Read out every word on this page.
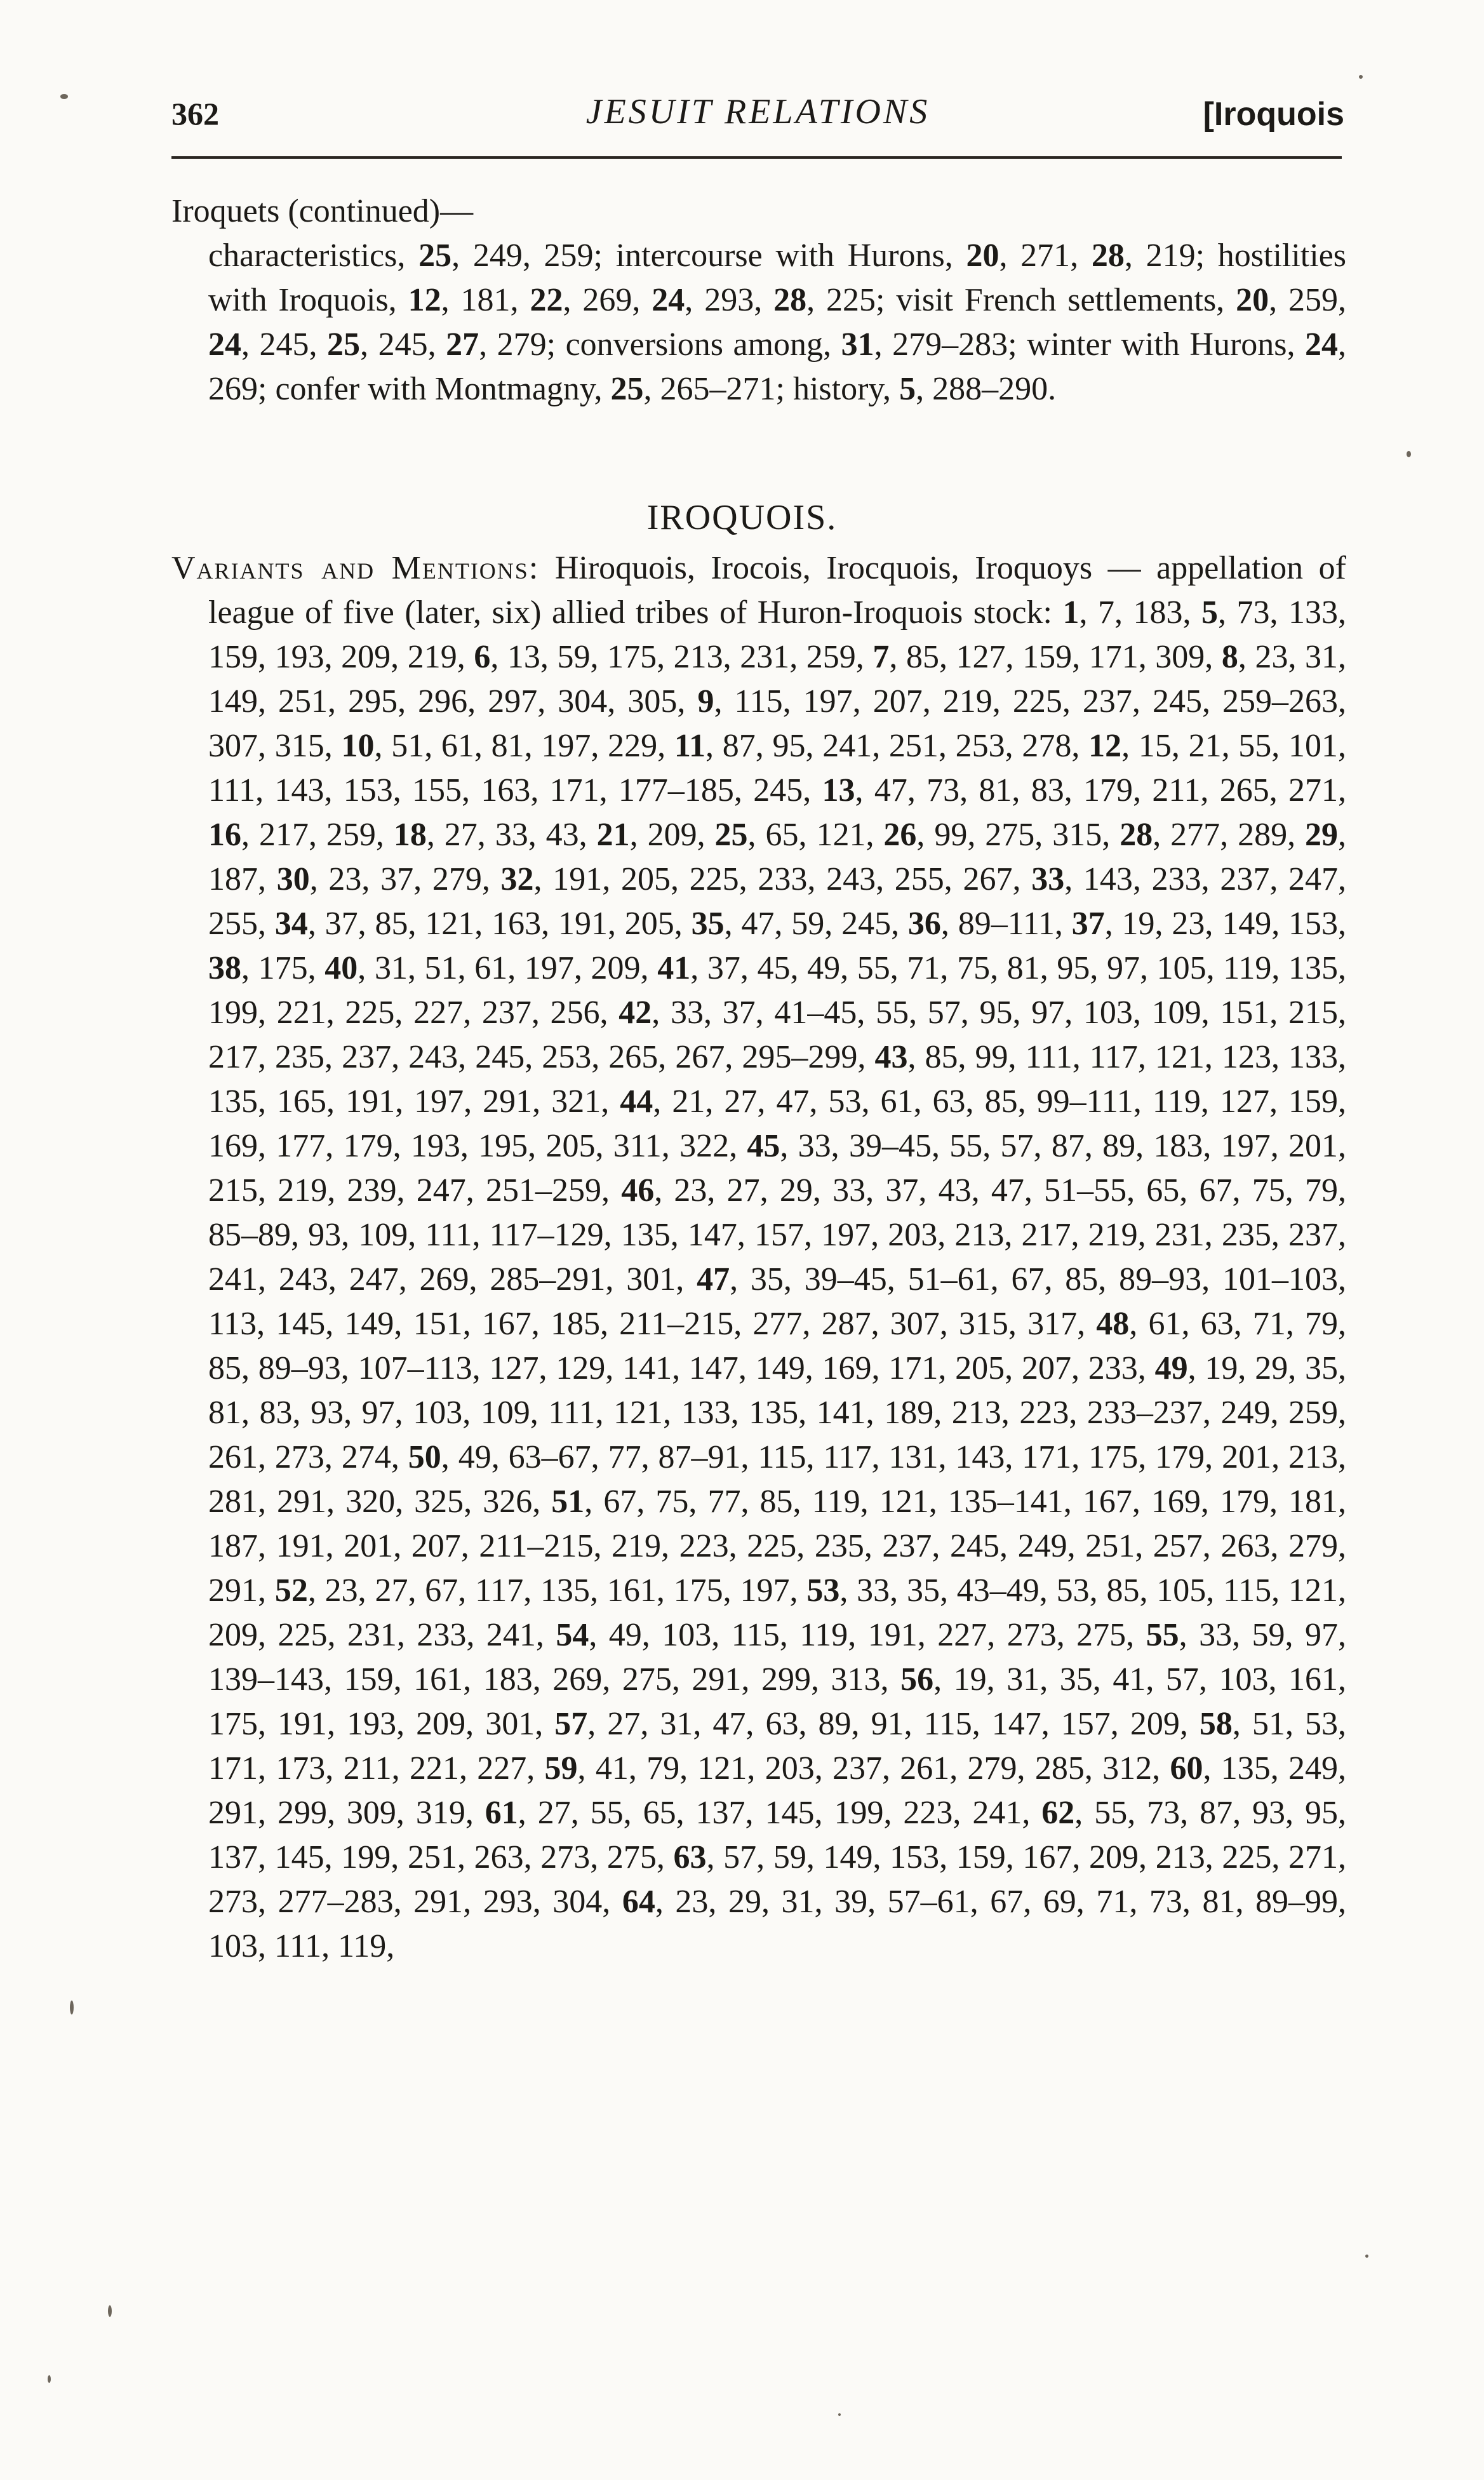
362	JESUIT RELATIONS	[Iroquois
Iroquets (continued)—
characteristics, 25, 249, 259; intercourse with Hurons, 20, 271, 28, 219; hostilities with Iroquois, 12, 181, 22, 269, 24, 293, 28, 225; visit French settlements, 20, 259, 24, 245, 25, 245, 27, 279; conversions among, 31, 279–283; winter with Hurons, 24, 269; confer with Montmagny, 25, 265–271; history, 5, 288–290.
IROQUOIS.

Variants and Mentions: Hiroquois, Irocois, Irocquois, Iroquoys — appellation of league of five (later, six) allied tribes of Huron-Iroquois stock: 1, 7, 183, 5, 73, 133, 159, 193, 209, 219, 6, 13, 59, 175, 213, 231, 259, 7, 85, 127, 159, 171, 309, 8, 23, 31, 149, 251, 295, 296, 297, 304, 305, 9, 115, 197, 207, 219, 225, 237, 245, 259–263, 307, 315, 10, 51, 61, 81, 197, 229, 11, 87, 95, 241, 251, 253, 278, 12, 15, 21, 55, 101, 111, 143, 153, 155, 163, 171, 177–185, 245, 13, 47, 73, 81, 83, 179, 211, 265, 271, 16, 217, 259, 18, 27, 33, 43, 21, 209, 25, 65, 121, 26, 99, 275, 315, 28, 277, 289, 29, 187, 30, 23, 37, 279, 32, 191, 205, 225, 233, 243, 255, 267, 33, 143, 233, 237, 247, 255, 34, 37, 85, 121, 163, 191, 205, 35, 47, 59, 245, 36, 89–111, 37, 19, 23, 149, 153, 38, 175, 40, 31, 51, 61, 197, 209, 41, 37, 45, 49, 55, 71, 75, 81, 95, 97, 105, 119, 135, 199, 221, 225, 227, 237, 256, 42, 33, 37, 41–45, 55, 57, 95, 97, 103, 109, 151, 215, 217, 235, 237, 243, 245, 253, 265, 267, 295–299, 43, 85, 99, 111, 117, 121, 123, 133, 135, 165, 191, 197, 291, 321, 44, 21, 27, 47, 53, 61, 63, 85, 99–111, 119, 127, 159, 169, 177, 179, 193, 195, 205, 311, 322, 45, 33, 39–45, 55, 57, 87, 89, 183, 197, 201, 215, 219, 239, 247, 251–259, 46, 23, 27, 29, 33, 37, 43, 47, 51–55, 65, 67, 75, 79, 85–89, 93, 109, 111, 117–129, 135, 147, 157, 197, 203, 213, 217, 219, 231, 235, 237, 241, 243, 247, 269, 285–291, 301, 47, 35, 39–45, 51–61, 67, 85, 89–93, 101–103, 113, 145, 149, 151, 167, 185, 211–215, 277, 287, 307, 315, 317, 48, 61, 63, 71, 79, 85, 89–93, 107–113, 127, 129, 141, 147, 149, 169, 171, 205, 207, 233, 49, 19, 29, 35, 81, 83, 93, 97, 103, 109, 111, 121, 133, 135, 141, 189, 213, 223, 233–237, 249, 259, 261, 273, 274, 50, 49, 63–67, 77, 87–91, 115, 117, 131, 143, 171, 175, 179, 201, 213, 281, 291, 320, 325, 326, 51, 67, 75, 77, 85, 119, 121, 135–141, 167, 169, 179, 181, 187, 191, 201, 207, 211–215, 219, 223, 225, 235, 237, 245, 249, 251, 257, 263, 279, 291, 52, 23, 27, 67, 117, 135, 161, 175, 197, 53, 33, 35, 43–49, 53, 85, 105, 115, 121, 209, 225, 231, 233, 241, 54, 49, 103, 115, 119, 191, 227, 273, 275, 55, 33, 59, 97, 139–143, 159, 161, 183, 269, 275, 291, 299, 313, 56, 19, 31, 35, 41, 57, 103, 161, 175, 191, 193, 209, 301, 57, 27, 31, 47, 63, 89, 91, 115, 147, 157, 209, 58, 51, 53, 171, 173, 211, 221, 227, 59, 41, 79, 121, 203, 237, 261, 279, 285, 312, 60, 135, 249, 291, 299, 309, 319, 61, 27, 55, 65, 137, 145, 199, 223, 241, 62, 55, 73, 87, 93, 95, 137, 145, 199, 251, 263, 273, 275, 63, 57, 59, 149, 153, 159, 167, 209, 213, 225, 271, 273, 277–283, 291, 293, 304, 64, 23, 29, 31, 39, 57–61, 67, 69, 71, 73, 81, 89–99, 103, 111, 119,
